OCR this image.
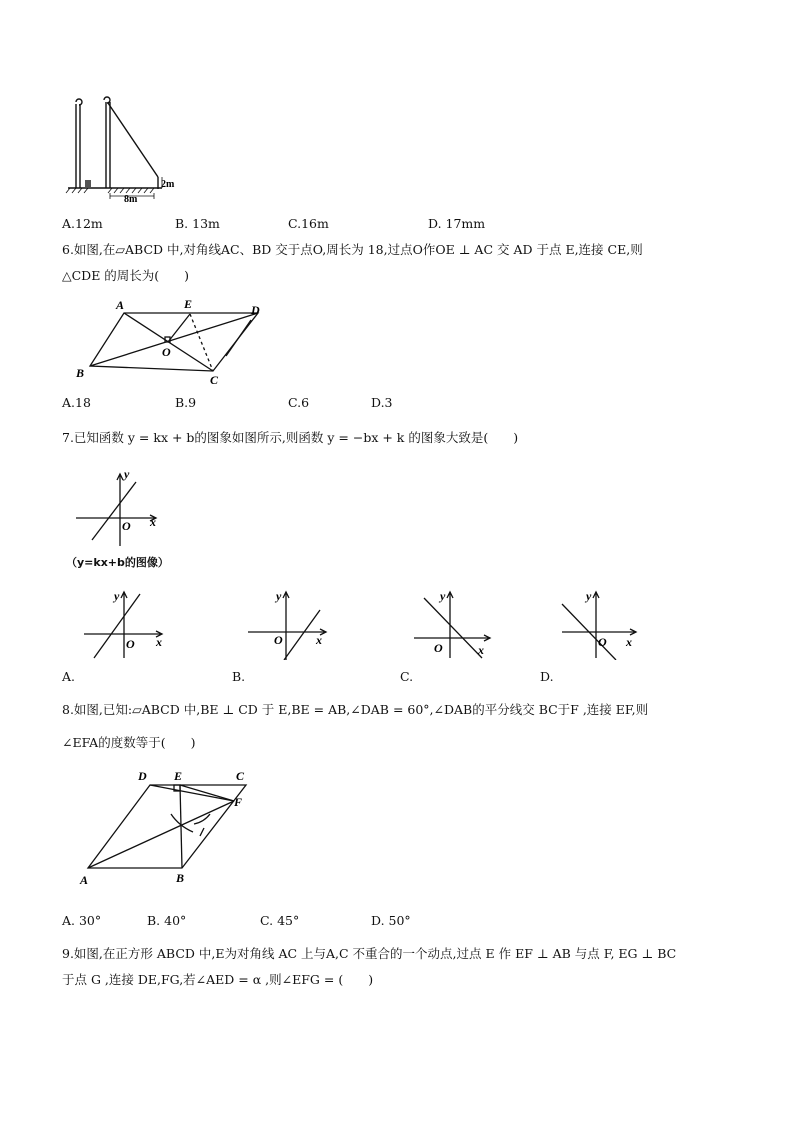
2m
8m
A.12m	B. 13m	C.16m	D. 17mm
6.如图,在▱ABCD 中,对角线AC、BD 交于点O,周长为 18,过点O作OE ⊥ AC 交 AD 于点 E,连接 CE,则
△CDE 的周长为(　　)
A	E	D
O
B	C
A.18	B.9	C.6	D.3
7.已知函数 y = kx + b的图象如图所示,则函数 y = −bx + k 的图象大致是(　　)
y
x
O
（y=kx+b的图像）
y
x
O
y
x
O
y
x
O
y
x
O
A.	B.	C.	D.
8.如图,已知:▱ABCD 中,BE ⊥ CD 于 E,BE = AB,∠DAB = 60°,∠DAB的平分线交 BC于F ,连接 EF,则
∠EFA的度数等于(　　)
D E	C
F
A	B
A. 30°	B. 40°	C. 45°	D. 50°
9.如图,在正方形 ABCD 中,E为对角线 AC 上与A,C 不重合的一个动点,过点 E 作 EF ⊥ AB 与点 F, EG ⊥ BC
于点 G ,连接 DE,FG,若∠AED = α ,则∠EFG = (　　)
